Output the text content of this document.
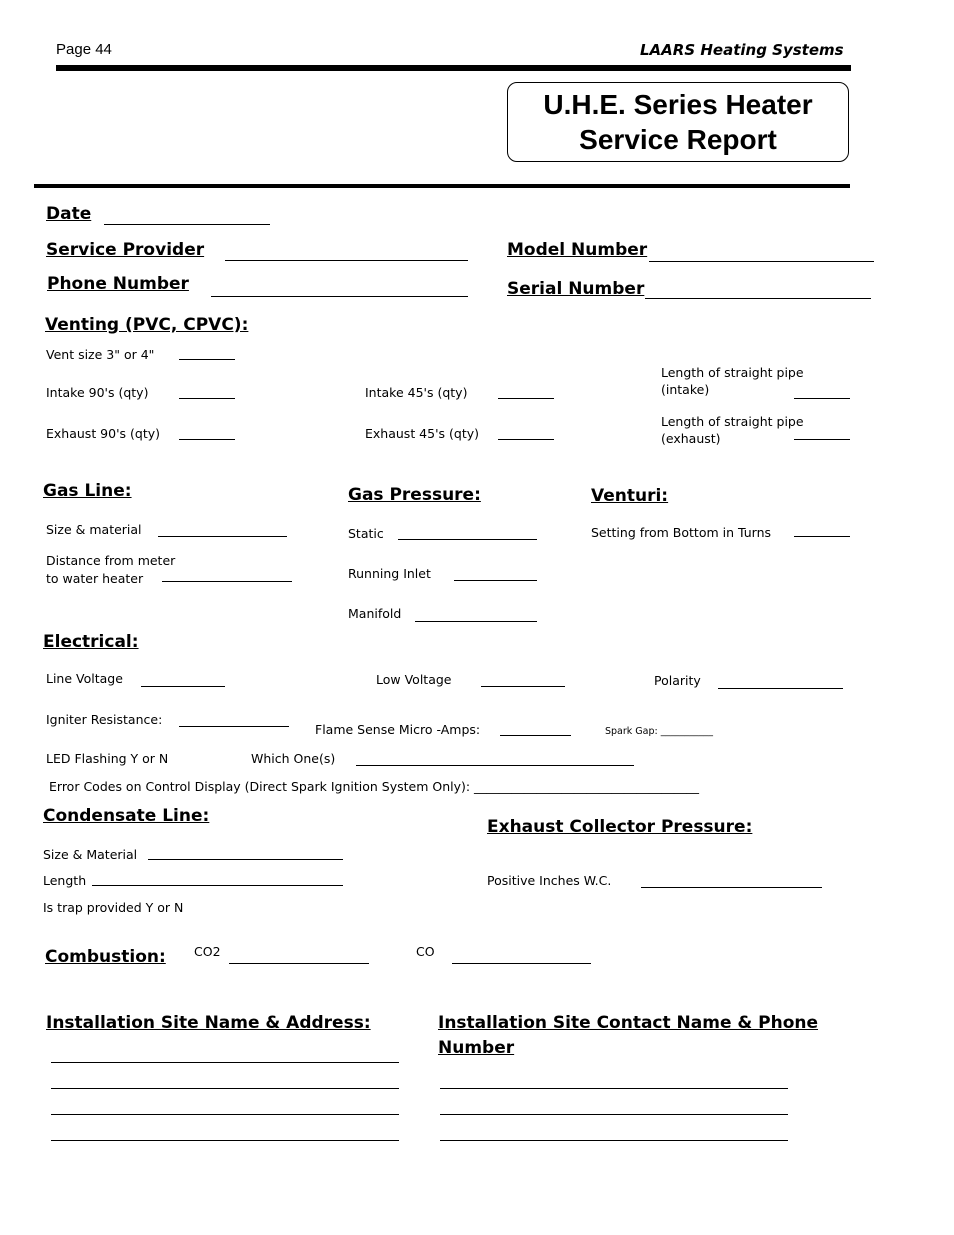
Page 44	LAARS Heating Systems
U.H.E. Series Heater
Service Report
Date
Service Provider
Phone Number
Model Number
Serial Number
Venting (PVC, CPVC):
Vent size 3" or 4"
Intake 90's (qty)	Intake 45's (qty)
Length of straight pipe
(intake)
Exhaust 90's (qty)	Exhaust 45's (qty)
Length of straight pipe
(exhaust)
Gas Line:
Size & material
Distance from meter
to water heater
Gas Pressure:
Static
Running Inlet
Manifold
Venturi:
Setting from Bottom in Turns
Electrical:
Line Voltage	Low Voltage	Polarity
Igniter Resistance:
Flame Sense Micro -Amps:	Spark Gap: ___________
LED Flashing Y or N	Which One(s)
Error Codes on Control Display (Direct Spark Ignition System Only): ____________________________________
Condensate Line:
Size & Material
Length
Is trap provided Y or N
Exhaust Collector Pressure:
Positive Inches W.C.
Combustion: CO2	CO
Installation Site Name & Address:	Installation Site Contact Name & Phone
Number
